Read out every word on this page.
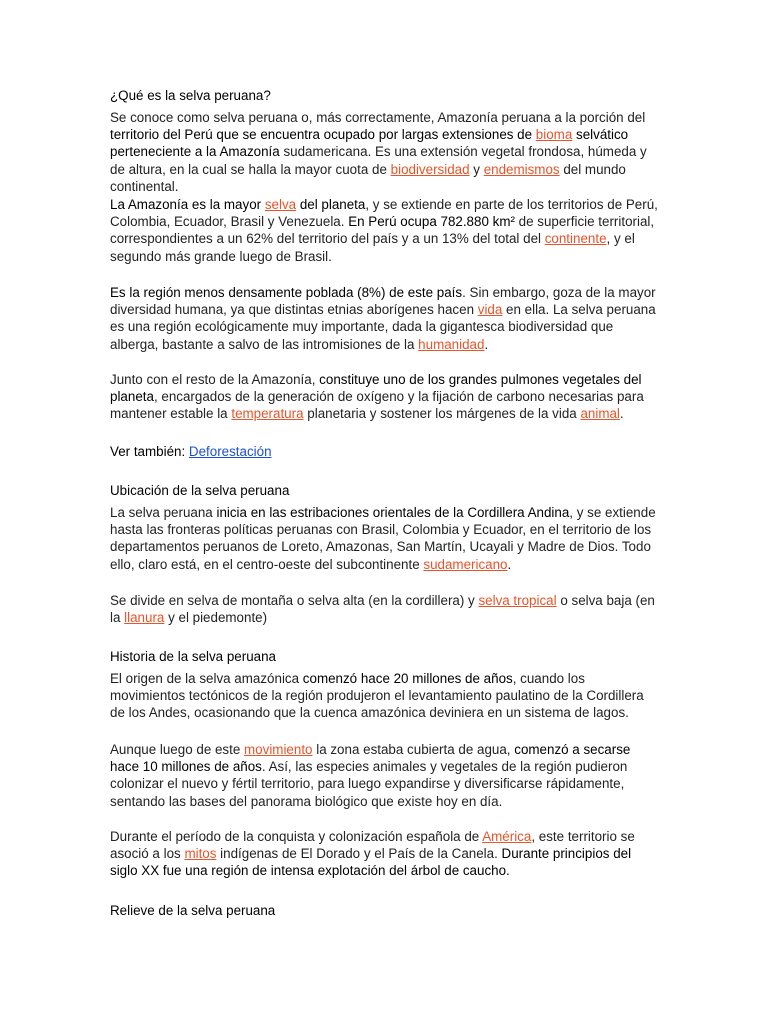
¿Qué es la selva peruana?

Se conoce como selva peruana o, más correctamente, Amazonía peruana a la porción del territorio del Perú que se encuentra ocupado por largas extensiones de bioma selvático perteneciente a la Amazonía sudamericana. Es una extensión vegetal frondosa, húmeda y de altura, en la cual se halla la mayor cuota de biodiversidad y endemismos del mundo continental.

La Amazonía es la mayor selva del planeta, y se extiende en parte de los territorios de Perú, Colombia, Ecuador, Brasil y Venezuela. En Perú ocupa 782.880 km² de superficie territorial, correspondientes a un 62% del territorio del país y a un 13% del total del continente, y el segundo más grande luego de Brasil.

Es la región menos densamente poblada (8%) de este país. Sin embargo, goza de la mayor diversidad humana, ya que distintas etnias aborígenes hacen vida en ella. La selva peruana es una región ecológicamente muy importante, dada la gigantesca biodiversidad que alberga, bastante a salvo de las intromisiones de la humanidad.

Junto con el resto de la Amazonía, constituye uno de los grandes pulmones vegetales del planeta, encargados de la generación de oxígeno y la fijación de carbono necesarias para mantener estable la temperatura planetaria y sostener los márgenes de la vida animal.

Ver también: Deforestación

Ubicación de la selva peruana

La selva peruana inicia en las estribaciones orientales de la Cordillera Andina, y se extiende hasta las fronteras políticas peruanas con Brasil, Colombia y Ecuador, en el territorio de los departamentos peruanos de Loreto, Amazonas, San Martín, Ucayali y Madre de Dios. Todo ello, claro está, en el centro-oeste del subcontinente sudamericano.

Se divide en selva de montaña o selva alta (en la cordillera) y selva tropical o selva baja (en la llanura y el piedemonte)

Historia de la selva peruana

El origen de la selva amazónica comenzó hace 20 millones de años, cuando los movimientos tectónicos de la región produjeron el levantamiento paulatino de la Cordillera de los Andes, ocasionando que la cuenca amazónica deviniera en un sistema de lagos.

Aunque luego de este movimiento la zona estaba cubierta de agua, comenzó a secarse hace 10 millones de años. Así, las especies animales y vegetales de la región pudieron colonizar el nuevo y fértil territorio, para luego expandirse y diversificarse rápidamente, sentando las bases del panorama biológico que existe hoy en día.

Durante el período de la conquista y colonización española de América, este territorio se asoció a los mitos indígenas de El Dorado y el País de la Canela. Durante principios del siglo XX fue una región de intensa explotación del árbol de caucho.

Relieve de la selva peruana
